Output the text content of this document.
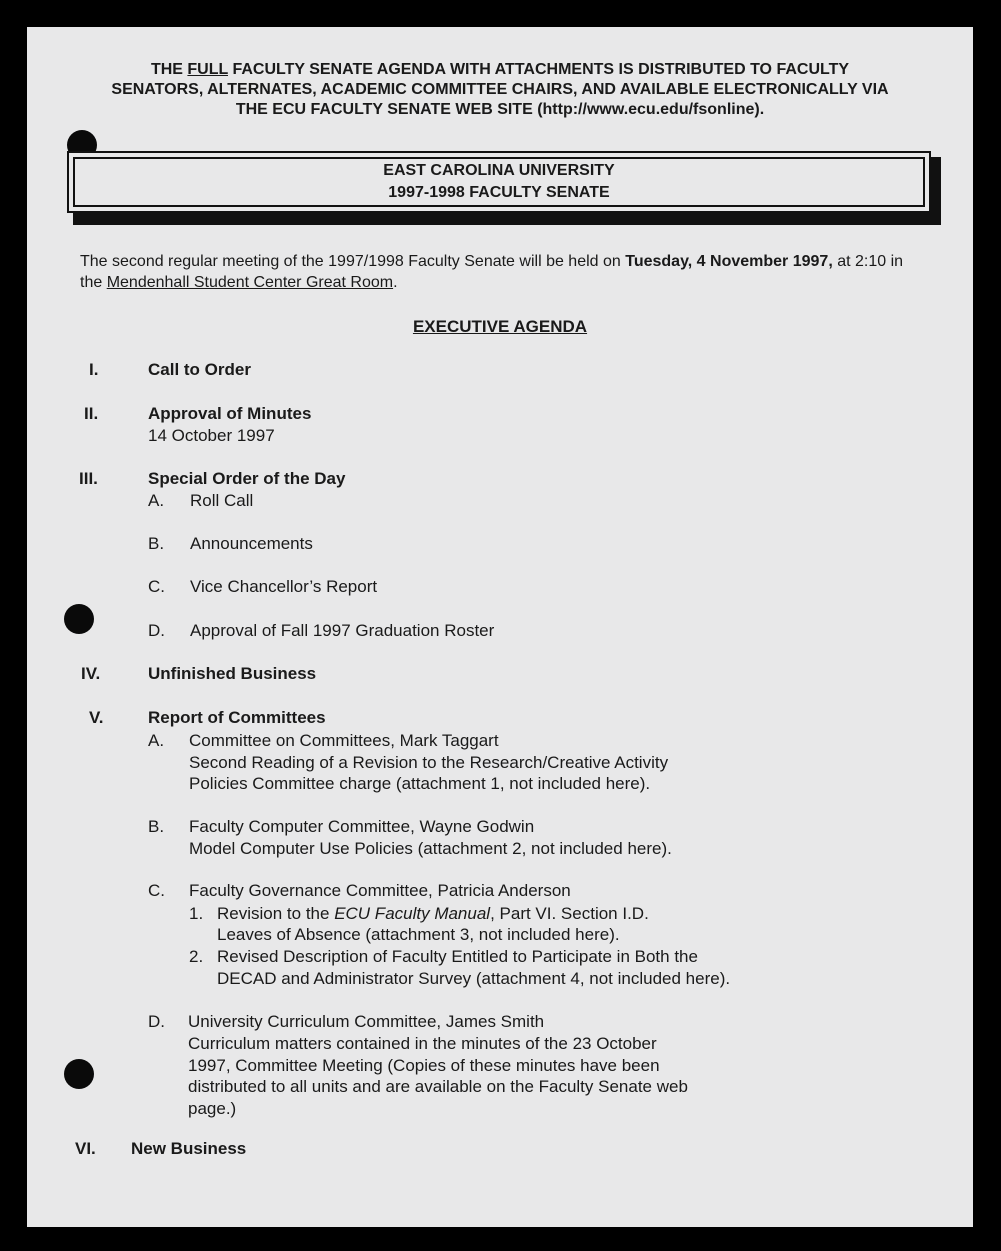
THE FULL FACULTY SENATE AGENDA WITH ATTACHMENTS IS DISTRIBUTED TO FACULTY
SENATORS, ALTERNATES, ACADEMIC COMMITTEE CHAIRS, AND AVAILABLE ELECTRONICALLY VIA
THE ECU FACULTY SENATE WEB SITE (http://www.ecu.edu/fsonline).
EAST CAROLINA UNIVERSITY
1997-1998 FACULTY SENATE
The second regular meeting of the 1997/1998 Faculty Senate will be held on Tuesday, 4 November 1997, at 2:10 in the Mendenhall Student Center Great Room.
EXECUTIVE AGENDA
I.	Call to Order
II.	Approval of Minutes
14 October 1997
III.	Special Order of the Day
A. Roll Call
B. Announcements
C. Vice Chancellor’s Report
D. Approval of Fall 1997 Graduation Roster
IV.	Unfinished Business
V.	Report of Committees
A. Committee on Committees, Mark Taggart
Second Reading of a Revision to the Research/Creative Activity
Policies Committee charge (attachment 1, not included here).
B. Faculty Computer Committee, Wayne Godwin
Model Computer Use Policies (attachment 2, not included here).
C. Faculty Governance Committee, Patricia Anderson
1. Revision to the ECU Faculty Manual, Part VI. Section I.D.
Leaves of Absence (attachment 3, not included here).
2. Revised Description of Faculty Entitled to Participate in Both the
DECAD and Administrator Survey (attachment 4, not included here).
D. University Curriculum Committee, James Smith
Curriculum matters contained in the minutes of the 23 October
1997, Committee Meeting (Copies of these minutes have been
distributed to all units and are available on the Faculty Senate web
page.)
VI. New Business
